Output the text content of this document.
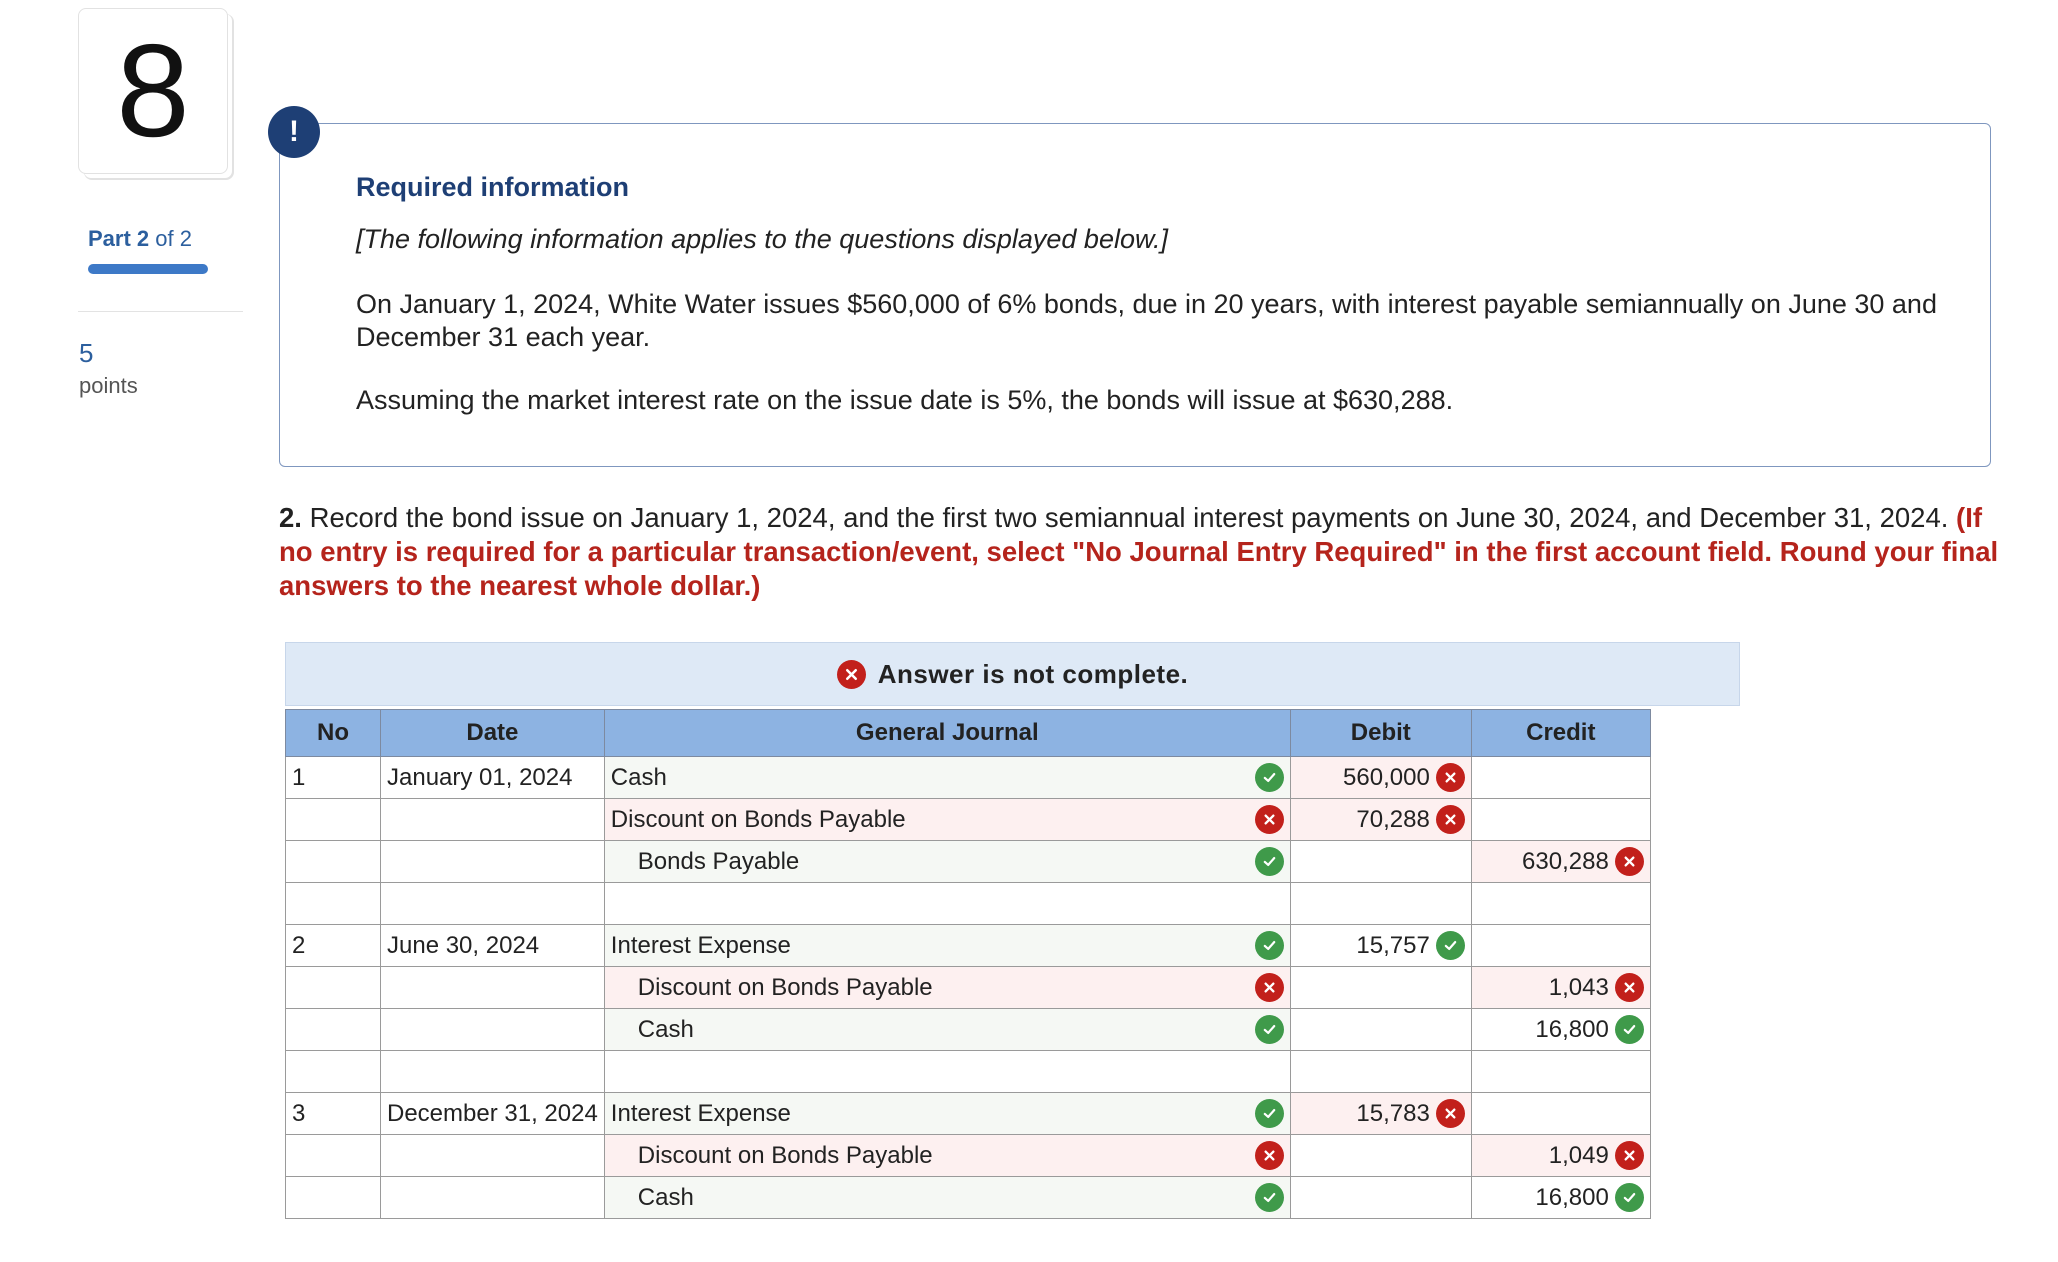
8
Part 2 of 2
5
points
!
Required information
[The following information applies to the questions displayed below.]
On January 1, 2024, White Water issues $560,000 of 6% bonds, due in 20 years, with interest payable semiannually on June 30 and December 31 each year.
Assuming the market interest rate on the issue date is 5%, the bonds will issue at $630,288.
2. Record the bond issue on January 1, 2024, and the first two semiannual interest payments on June 30, 2024, and December 31, 2024. (If no entry is required for a particular transaction/event, select "No Journal Entry Required" in the first account field. Round your final answers to the nearest whole dollar.)
Answer is not complete.
No	Date	General Journal	Debit	Credit
1	January 01, 2024	Cash	560,000	

		Discount on Bonds Payable	70,288	

		Bonds Payable		630,288

2	June 30, 2024	Interest Expense	15,757	

		Discount on Bonds Payable		1,043

		Cash		16,800

3	December 31, 2024	Interest Expense	15,783	

		Discount on Bonds Payable		1,049

		Cash		16,800
